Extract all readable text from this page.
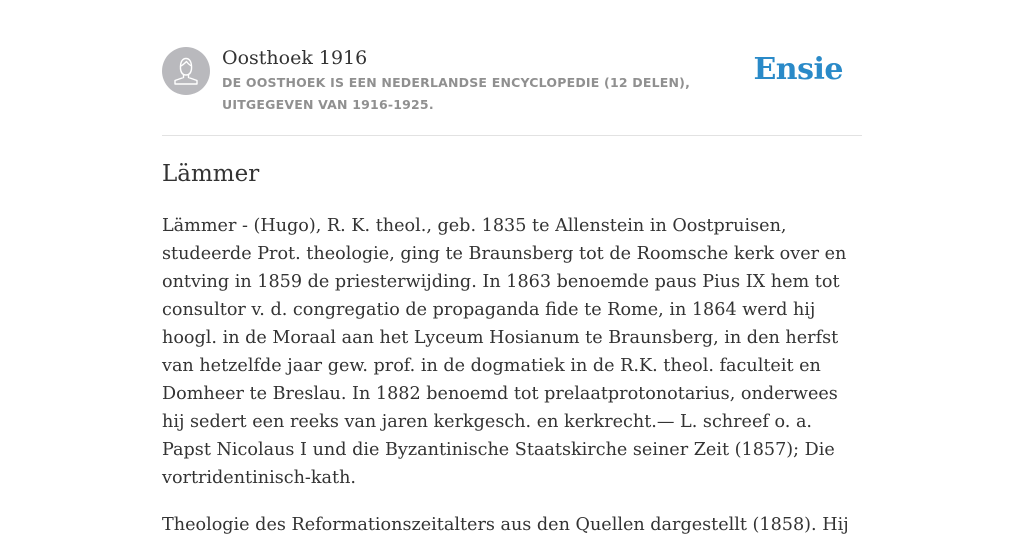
Oosthoek 1916
DE OOSTHOEK IS EEN NEDERLANDSE ENCYCLOPEDIE (12 DELEN), UITGEGEVEN VAN 1916-1925.
Ensie
Lämmer

Lämmer - (Hugo), R. K. theol., geb. 1835 te Allenstein in Oostpruisen, studeerde Prot. theologie, ging te Braunsberg tot de Roomsche kerk over en ontving in 1859 de priesterwijding. In 1863 benoemde paus Pius IX hem tot consultor v. d. congregatio de propaganda fide te Rome, in 1864 werd hij hoogl. in de Moraal aan het Lyceum Hosianum te Braunsberg, in den herfst van hetzelfde jaar gew. prof. in de dogmatiek in de R.K. theol. faculteit en Domheer te Breslau. In 1882 benoemd tot prelaatprotonotarius, onderwees hij sedert een reeks van jaren kerkgesch. en kerkrecht.— L. schreef o. a. Papst Nicolaus I und die Byzantinische Staatskirche seiner Zeit (1857); Die vortridentinisch-kath.

Theologie des Reformationszeitalters aus den Quellen dargestellt (1858). Hij
